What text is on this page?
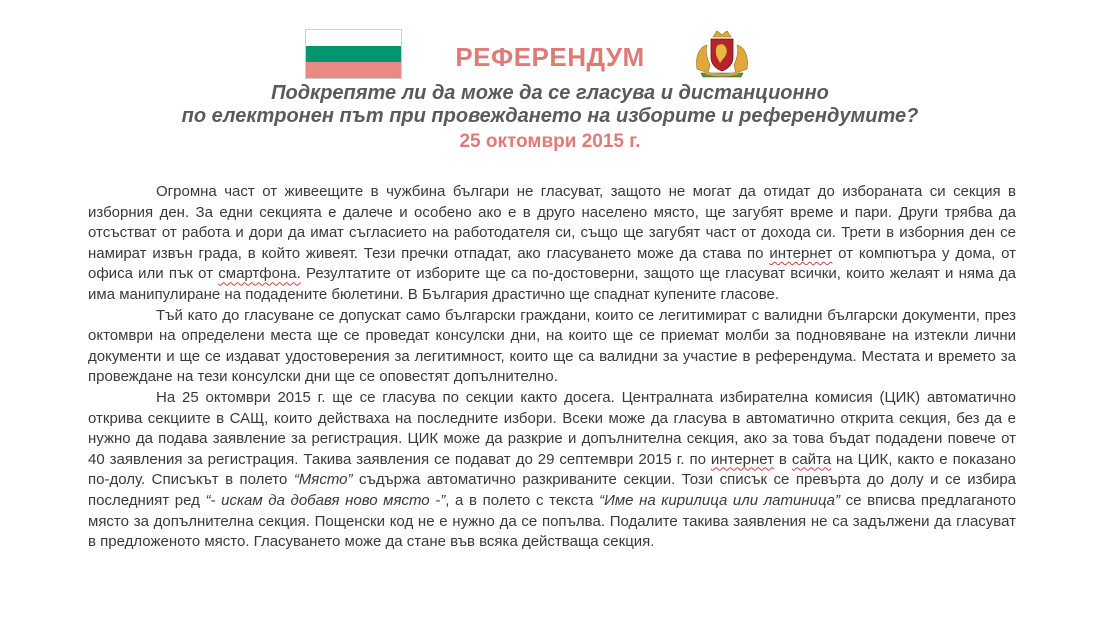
РЕФЕРЕНДУМ
Подкрепяте ли да може да се гласува и дистанционно
по електронен път при провеждането на изборите и референдумите?
25 октомври 2015 г.

Огромна част от живеещите в чужбина българи не гласуват, защото не могат да отидат до избораната си секция в изборния ден. За едни секцията е далече и особено ако е в друго населено място, ще загубят време и пари. Други трябва да отсъстват от работа и дори да имат съгласието на работодателя си, също ще загубят част от дохода си. Трети в изборния ден се намират извън града, в който живеят. Тези пречки отпадат, ако гласуването може да става по интернет от компютъра у дома, от офиса или пък от смартфона. Резултатите от изборите ще са по-достоверни, защото ще гласуват всички, които желаят и няма да има манипулиране на подадените бюлетини. В България драстично ще спаднат купените гласове.

Тъй като до гласуване се допускат само български граждани, които се легитимират с валидни български документи, през октомври на определени места ще се проведат консулски дни, на които ще се приемат молби за подновяване на изтекли лични документи и ще се издават удостоверения за легитимност, които ще са валидни за участие в референдума. Местата и времето за провеждане на тези консулски дни ще се оповестят допълнително.

На 25 октомври 2015 г. ще се гласува по секции както досега. Централната избирателна комисия (ЦИК) автоматично открива секциите в САЩ, които действаха на последните избори. Всеки може да гласува в автоматично открита секция, без да е нужно да подава заявление за регистрация. ЦИК може да разкрие и допълнителна секция, ако за това бъдат подадени повече от 40 заявления за регистрация. Такива заявления се подават до 29 септември 2015 г. по интернет в сайта на ЦИК, както е показано по-долу. Списъкът в полето “Място” съдържа автоматично разкриваните секции. Този списък се превърта до долу и се избира последният ред “- искам да добавя ново място -”, а в полето с текста “Име на кирилица или латиница” се вписва предлаганото място за допълнителна секция. Пощенски код не е нужно да се попълва. Подалите такива заявления не са задължени да гласуват в предложеното място. Гласуването може да стане във всяка действаща секция.
